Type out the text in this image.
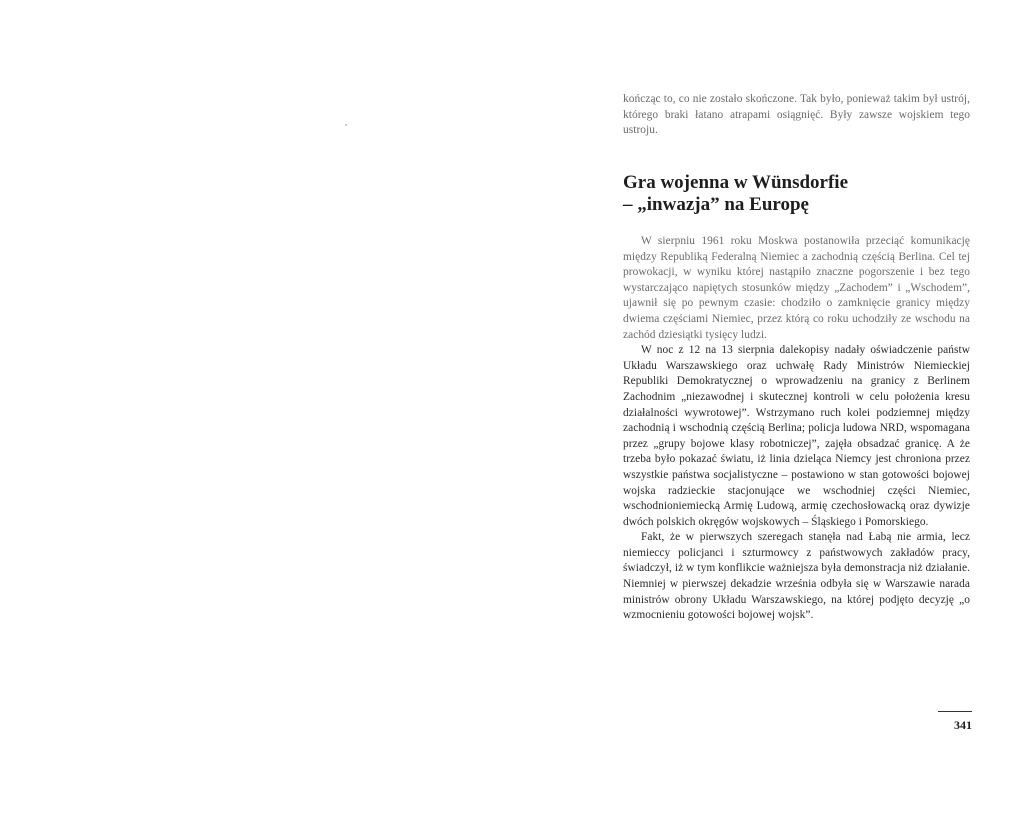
kończąc to, co nie zostało skończone. Tak było, ponieważ takim był ustrój, którego braki łatano atrapami osiągnięć. Były zawsze wojskiem tego ustroju.

Gra wojenna w Wünsdorfie
– „inwazja” na Europę

W sierpniu 1961 roku Moskwa postanowiła przeciąć komunikację między Republiką Federalną Niemiec a zachodnią częścią Berlina. Cel tej prowokacji, w wyniku której nastąpiło znaczne pogorszenie i bez tego wystarczająco napiętych stosunków między „Zachodem” i „Wschodem”, ujawnił się po pewnym czasie: chodziło o zamknięcie granicy między dwiema częściami Niemiec, przez którą co roku uchodziły ze wschodu na zachód dziesiątki tysięcy ludzi.

W noc z 12 na 13 sierpnia dalekopisy nadały oświadczenie państw Układu Warszawskiego oraz uchwałę Rady Ministrów Niemieckiej Republiki Demokratycznej o wprowadzeniu na granicy z Berlinem Zachodnim „niezawodnej i skutecznej kontroli w celu położenia kresu działalności wywrotowej”. Wstrzymano ruch kolei podziemnej między zachodnią i wschodnią częścią Berlina; policja ludowa NRD, wspomagana przez „grupy bojowe klasy robotniczej”, zajęła obsadzać granicę. A że trzeba było pokazać światu, iż linia dzieląca Niemcy jest chroniona przez wszystkie państwa socjalistyczne – postawiono w stan gotowości bojowej wojska radzieckie stacjonujące we wschodniej części Niemiec, wschodnioniemiecką Armię Ludową, armię czechosłowacką oraz dywizje dwóch polskich okręgów wojskowych – Śląskiego i Pomorskiego.

Fakt, że w pierwszych szeregach stanęła nad Łabą nie armia, lecz niemieccy policjanci i szturmowcy z państwowych zakładów pracy, świadczył, iż w tym konflikcie ważniejsza była demonstracja niż działanie. Niemniej w pierwszej dekadzie września odbyła się w Warszawie narada ministrów obrony Układu Warszawskiego, na której podjęto decyzję „o wzmocnieniu gotowości bojowej wojsk”.

341
